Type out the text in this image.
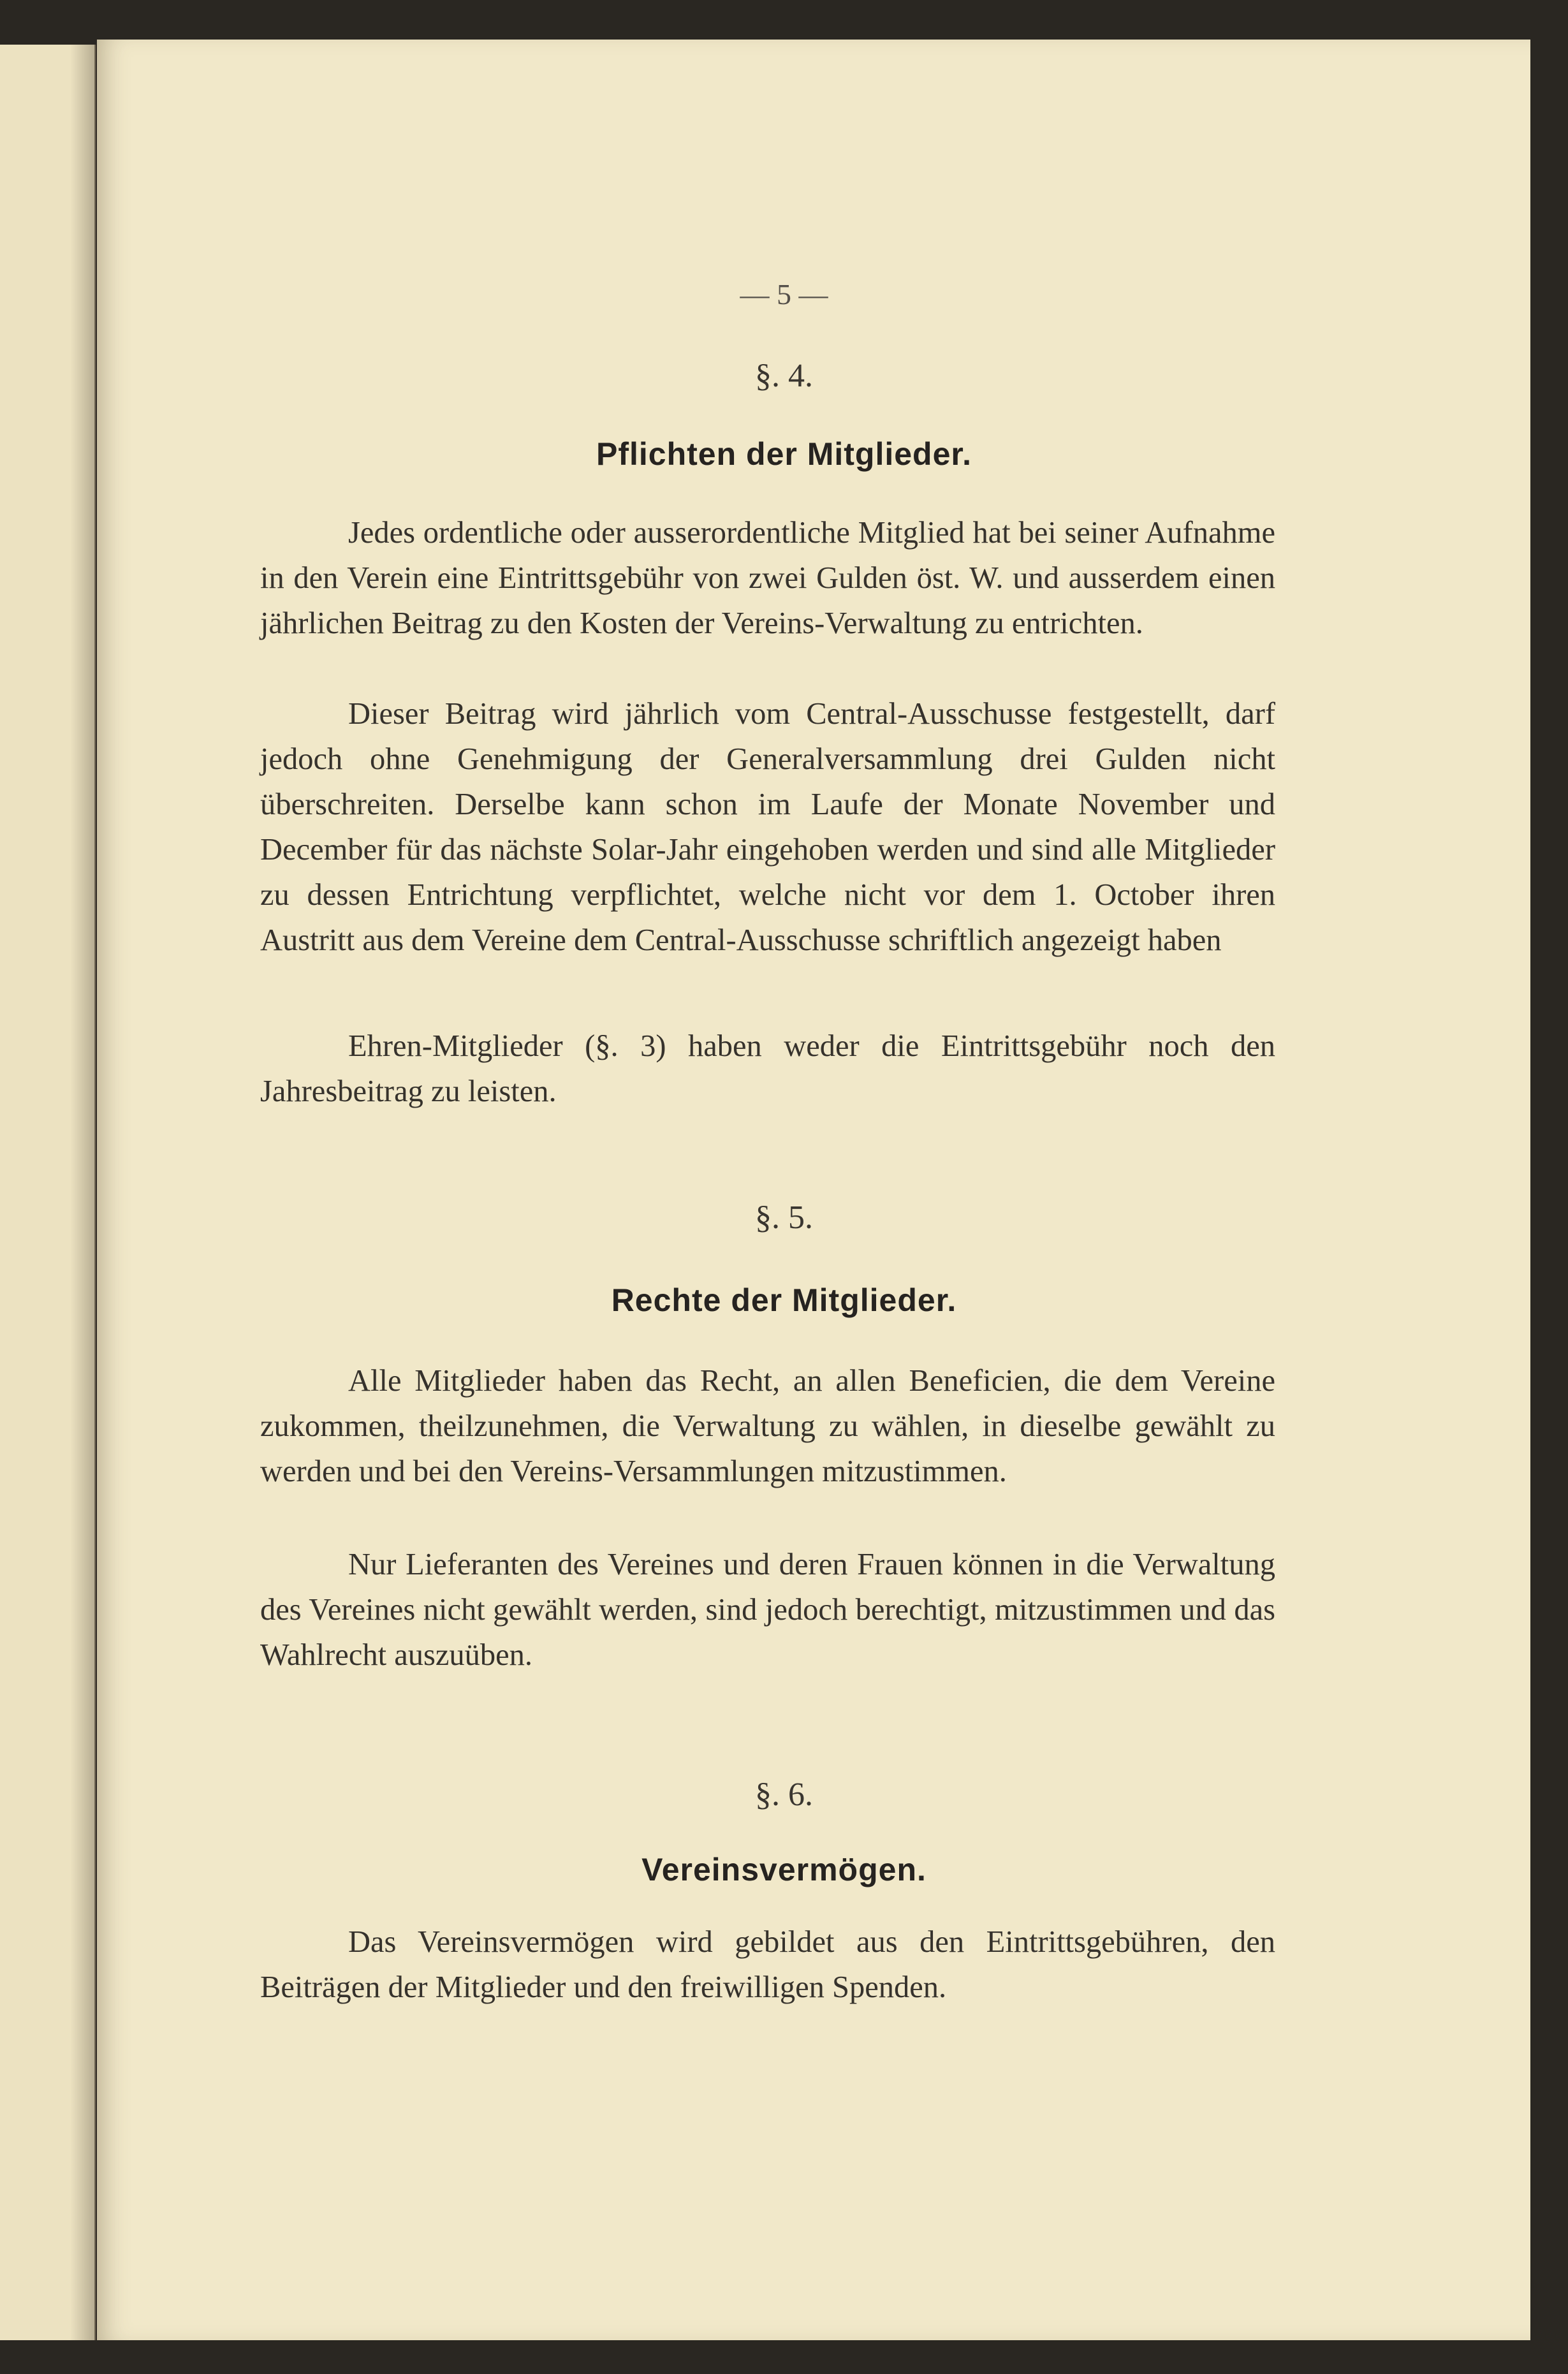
— 5 —
§. 4.
Pflichten der Mitglieder.

Jedes ordentliche oder ausserordentliche Mitglied hat bei seiner Aufnahme in den Verein eine Eintrittsgebühr von zwei Gulden öst. W. und ausserdem einen jährlichen Beitrag zu den Kosten der Vereins-Verwaltung zu entrichten.

Dieser Beitrag wird jährlich vom Central-Ausschusse festgestellt, darf jedoch ohne Genehmigung der Generalversammlung drei Gulden nicht überschreiten. Derselbe kann schon im Laufe der Monate November und December für das nächste Solar-Jahr eingehoben werden und sind alle Mitglieder zu dessen Entrichtung verpflichtet, welche nicht vor dem 1. October ihren Austritt aus dem Vereine dem Central-Ausschusse schriftlich angezeigt haben

Ehren-Mitglieder (§. 3) haben weder die Eintrittsgebühr noch den Jahresbeitrag zu leisten.

§. 5.
Rechte der Mitglieder.

Alle Mitglieder haben das Recht, an allen Beneficien, die dem Vereine zukommen, theilzunehmen, die Verwaltung zu wählen, in dieselbe gewählt zu werden und bei den Vereins-Versammlungen mitzustimmen.

Nur Lieferanten des Vereines und deren Frauen können in die Verwaltung des Vereines nicht gewählt werden, sind jedoch berechtigt, mitzustimmen und das Wahlrecht auszuüben.

§. 6.
Vereinsvermögen.

Das Vereinsvermögen wird gebildet aus den Eintrittsgebühren, den Beiträgen der Mitglieder und den freiwilligen Spenden.
